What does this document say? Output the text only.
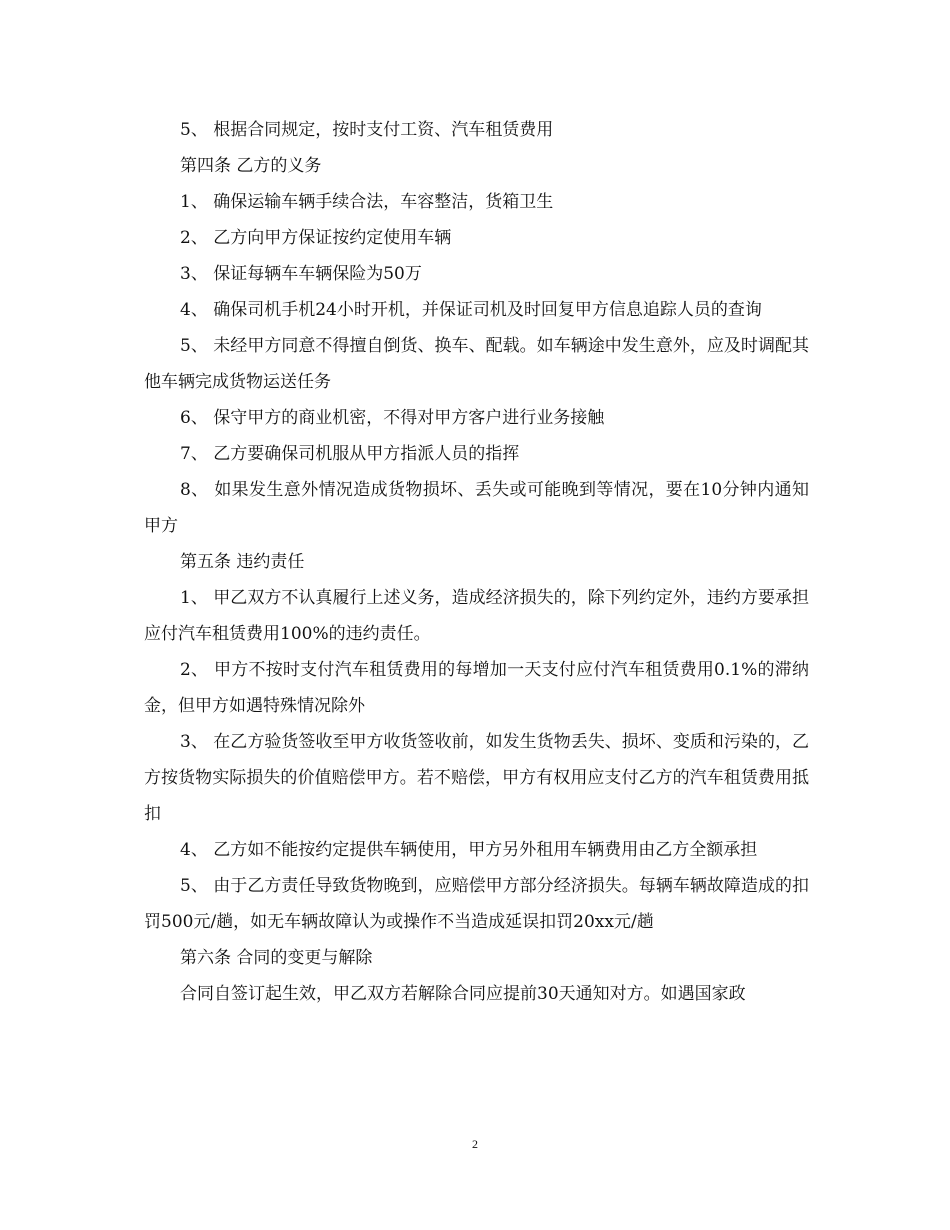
5、 根据合同规定，按时支付工资、汽车租赁费用

第四条 乙方的义务

1、 确保运输车辆手续合法，车容整洁，货箱卫生

2、 乙方向甲方保证按约定使用车辆

3、 保证每辆车车辆保险为50万

4、 确保司机手机24小时开机，并保证司机及时回复甲方信息追踪人员的查询

5、 未经甲方同意不得擅自倒货、换车、配载。如车辆途中发生意外，应及时调配其他车辆完成货物运送任务

6、 保守甲方的商业机密，不得对甲方客户进行业务接触

7、 乙方要确保司机服从甲方指派人员的指挥

8、 如果发生意外情况造成货物损坏、丢失或可能晚到等情况，要在10分钟内通知甲方

第五条 违约责任

1、 甲乙双方不认真履行上述义务，造成经济损失的，除下列约定外，违约方要承担应付汽车租赁费用100%的违约责任。

2、 甲方不按时支付汽车租赁费用的每增加一天支付应付汽车租赁费用0.1%的滞纳金，但甲方如遇特殊情况除外

3、 在乙方验货签收至甲方收货签收前，如发生货物丢失、损坏、变质和污染的，乙方按货物实际损失的价值赔偿甲方。若不赔偿，甲方有权用应支付乙方的汽车租赁费用抵扣

4、 乙方如不能按约定提供车辆使用，甲方另外租用车辆费用由乙方全额承担

5、 由于乙方责任导致货物晚到，应赔偿甲方部分经济损失。每辆车辆故障造成的扣罚500元/趟，如无车辆故障认为或操作不当造成延误扣罚20xx元/趟

第六条 合同的变更与解除

合同自签订起生效，甲乙双方若解除合同应提前30天通知对方。如遇国家政

2
